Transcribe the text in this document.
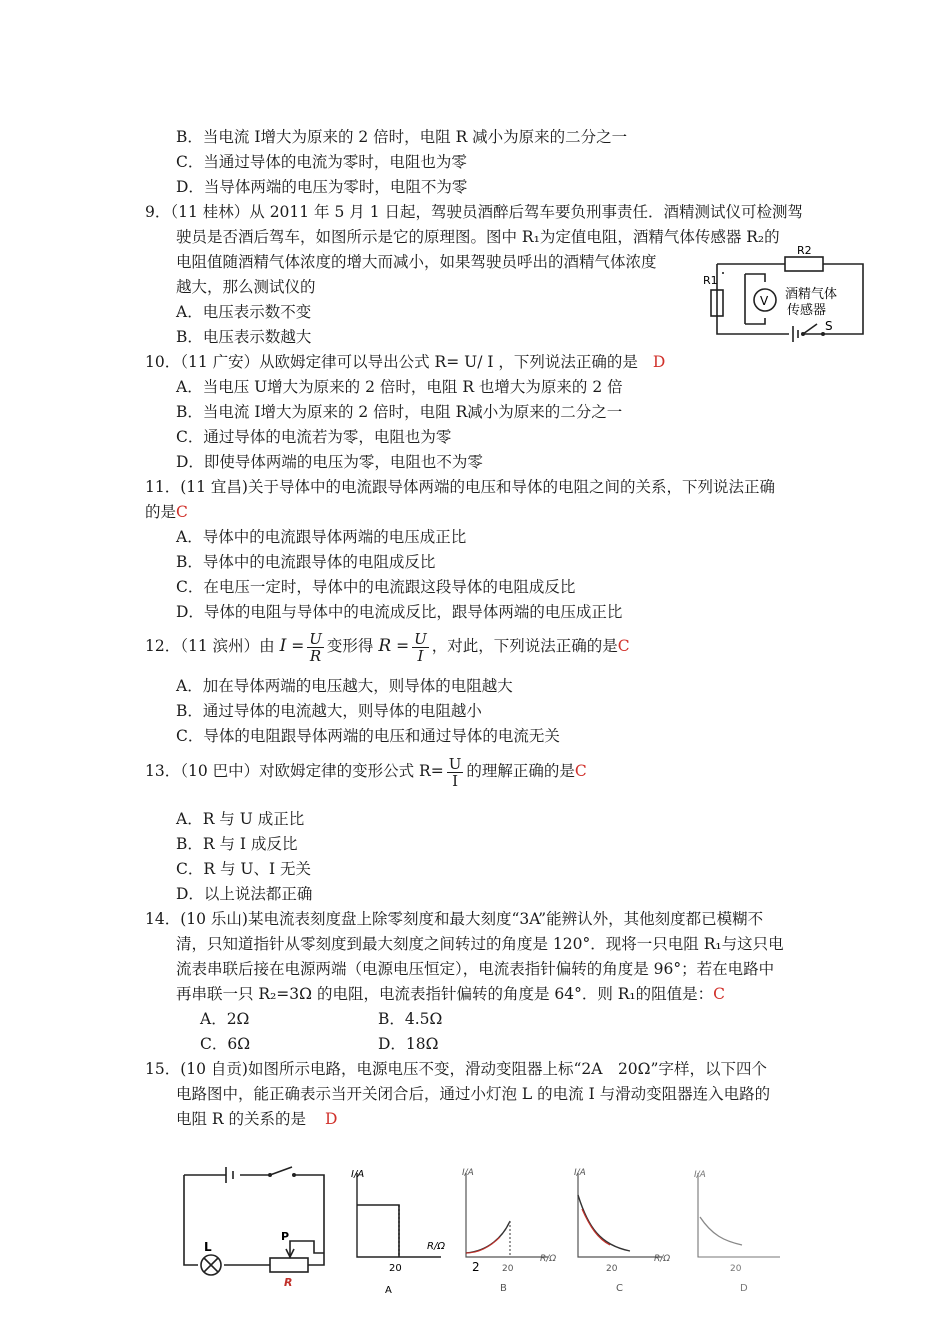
B．当电流 I增大为原来的 2 倍时，电阻 R 减小为原来的二分之一
C．当通过导体的电流为零时，电阻也为零
D．当导体两端的电压为零时，电阻不为零
9．（11 桂林）从 2011 年 5 月 1 日起，驾驶员酒醉后驾车要负刑事责任．酒精测试仪可检测驾
驶员是否酒后驾车，如图所示是它的原理图。图中 R₁为定值电阻，酒精气体传感器 R₂的
电阻值随酒精气体浓度的增大而减小，如果驾驶员呼出的酒精气体浓度
越大，那么测试仪的
A．电压表示数不变
B．电压表示数越大
R2
R1
V 酒精气体
传感器
S
10．（11 广安）从欧姆定律可以导出公式 R= U/ I ，下列说法正确的是 D
A．当电压 U增大为原来的 2 倍时，电阻 R 也增大为原来的 2 倍
B．当电流 I增大为原来的 2 倍时，电阻 R减小为原来的二分之一
C．通过导体的电流若为零，电阻也为零
D．即使导体两端的电压为零，电阻也不为零
11．(11 宜昌)关于导体中的电流跟导体两端的电压和导体的电阻之间的关系，下列说法正确
的是C
A．导体中的电流跟导体两端的电压成正比
B．导体中的电流跟导体的电阻成反比
C．在电压一定时，导体中的电流跟这段导体的电阻成反比
D．导体的电阻与导体中的电流成反比，跟导体两端的电压成正比
12．（11 滨州）由 $I = \frac{U}{R}$ 变形得 $R = \frac{U}{I}$ ，对此，下列说法正确的是C
A．加在导体两端的电压越大，则导体的电阻越大
B．通过导体的电流越大，则导体的电阻越小
C．导体的电阻跟导体两端的电压和通过导体的电流无关
13．（10 巴中）对欧姆定律的变形公式 $R= \frac{U}{I}$ 的理解正确的是C
A．R 与 U 成正比
B．R 与 I 成反比
C．R 与 U、I 无关
D．以上说法都正确
14．(10 乐山)某电流表刻度盘上除零刻度和最大刻度“3A”能辨认外，其他刻度都已模糊不
清，只知道指针从零刻度到最大刻度之间转过的角度是 120°．现将一只电阻 R₁与这只电
流表串联后接在电源两端（电源电压恒定），电流表指针偏转的角度是 96°；若在电路中
再串联一只 R₂=3Ω 的电阻，电流表指针偏转的角度是 64°．则 R₁的阻值是：C
A．2Ω	B．4.5Ω
C．6Ω	D．18Ω
15．(10 自贡)如图所示电路，电源电压不变，滑动变阻器上标“2A　20Ω”字样，以下四个
电路图中，能正确表示当开关闭合后，通过小灯泡 L 的电流 I 与滑动变阻器连入电路的
电阻 R 的关系的是 D
L
P
R
I/A
R/Ω
20
A
I/A
R/Ω
20
2
B
I/A
R/Ω
20
C
I/A
20
D
